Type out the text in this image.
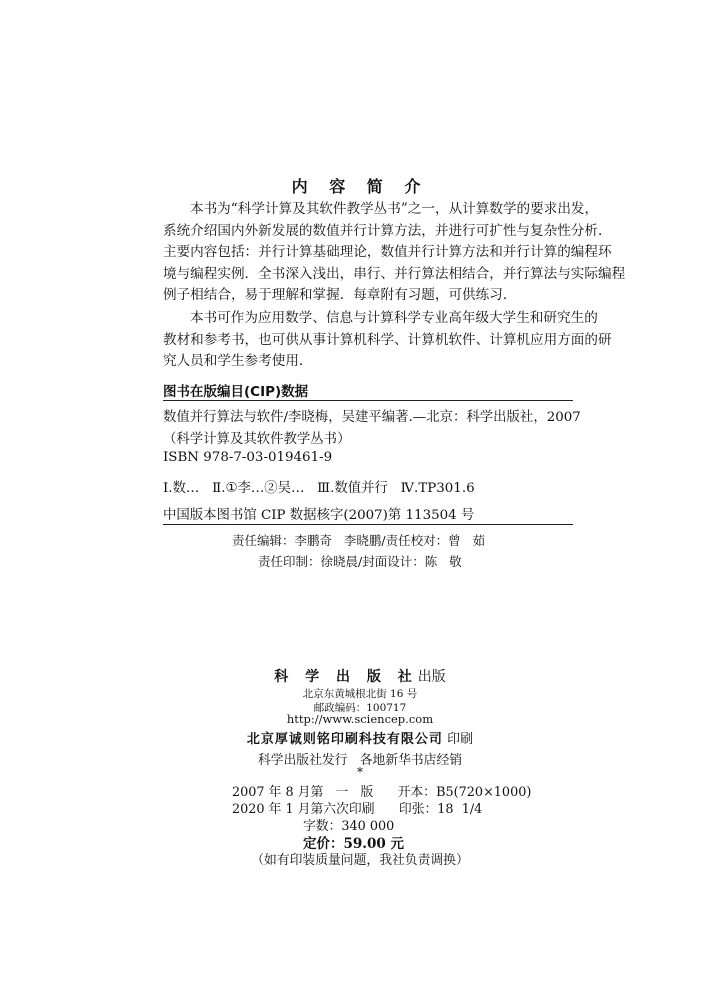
内 容 简 介
本书为“科学计算及其软件教学丛书”之一，从计算数学的要求出发，
系统介绍国内外新发展的数值并行计算方法，并进行可扩性与复杂性分析．
主要内容包括：并行计算基础理论，数值并行计算方法和并行计算的编程环
境与编程实例．全书深入浅出，串行、并行算法相结合，并行算法与实际编程
例子相结合，易于理解和掌握．每章附有习题，可供练习．
本书可作为应用数学、信息与计算科学专业高年级大学生和研究生的
教材和参考书，也可供从事计算机科学、计算机软件、计算机应用方面的研
究人员和学生参考使用．
图书在版编目(CIP)数据
数值并行算法与软件/李晓梅，吴建平编著.—北京：科学出版社，2007
（科学计算及其软件教学丛书）
ISBN 978-7-03-019461-9
Ⅰ.数…   Ⅱ.①李…②吴…   Ⅲ.数值并行   Ⅳ.TP301.6
中国版本图书馆 CIP 数据核字(2007)第 113504 号
责任编辑：李鹏奇   李晓鹏/责任校对：曾   茹
责任印制：徐晓晨/封面设计：陈   敬
科 学 出 版 社出版
北京东黄城根北街 16 号
邮政编码：100717
http://www.sciencep.com
北京厚诚则铭印刷科技有限公司 印刷
科学出版社发行   各地新华书店经销
*
2007 年 8 月第   一   版      开本：B5(720×1000)
2020 年 1 月第六次印刷      印张：18  1/4
字数：340 000
定价：59.00 元
（如有印装质量问题，我社负责调换）
